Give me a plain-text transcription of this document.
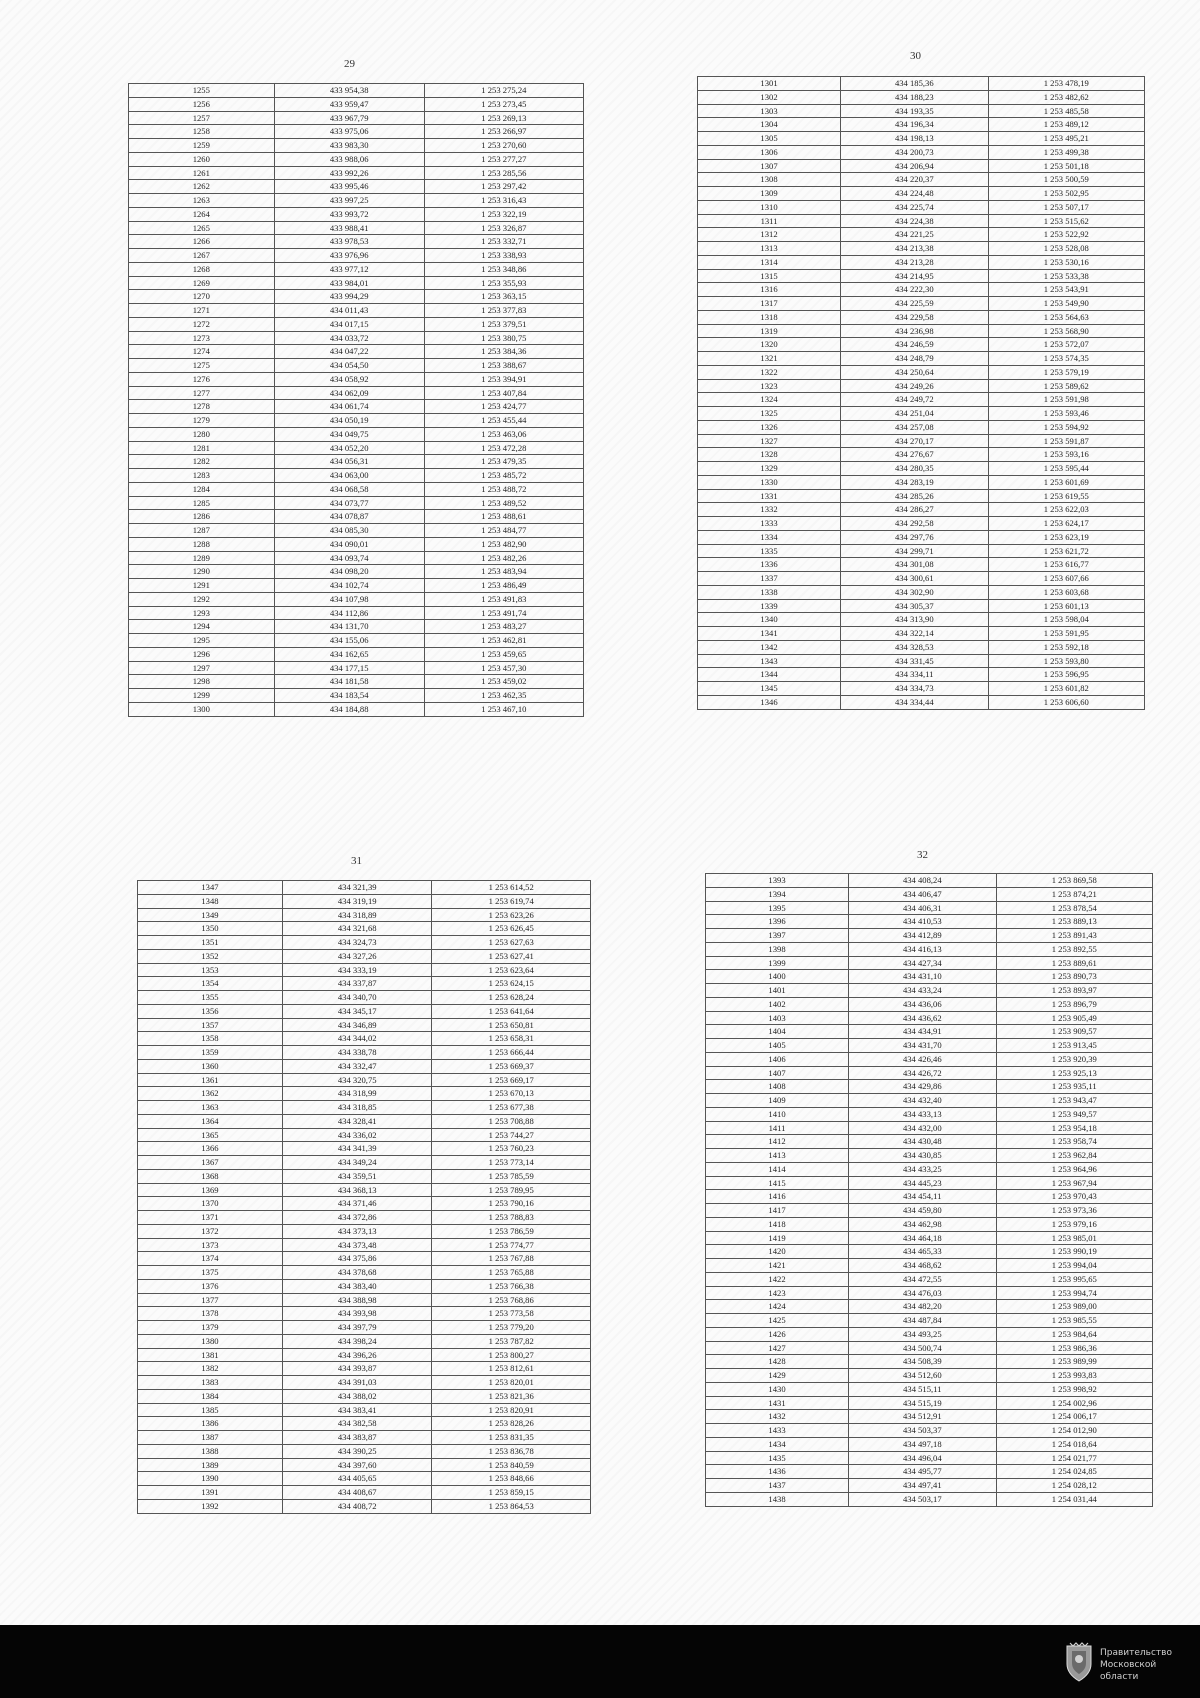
29
30
31	32
1255	433 954,38	1 253 275,24
1256	433 959,47	1 253 273,45
1257	433 967,79	1 253 269,13
1258	433 975,06	1 253 266,97
1259	433 983,30	1 253 270,60
1260	433 988,06	1 253 277,27
1261	433 992,26	1 253 285,56
1262	433 995,46	1 253 297,42
1263	433 997,25	1 253 316,43
1264	433 993,72	1 253 322,19
1265	433 988,41	1 253 326,87
1266	433 978,53	1 253 332,71
1267	433 976,96	1 253 338,93
1268	433 977,12	1 253 348,86
1269	433 984,01	1 253 355,93
1270	433 994,29	1 253 363,15
1271	434 011,43	1 253 377,83
1272	434 017,15	1 253 379,51
1273	434 033,72	1 253 380,75
1274	434 047,22	1 253 384,36
1275	434 054,50	1 253 388,67
1276	434 058,92	1 253 394,91
1277	434 062,09	1 253 407,84
1278	434 061,74	1 253 424,77
1279	434 050,19	1 253 455,44
1280	434 049,75	1 253 463,06
1281	434 052,20	1 253 472,28
1282	434 056,31	1 253 479,35
1283	434 063,00	1 253 485,72
1284	434 068,58	1 253 488,72
1285	434 073,77	1 253 489,52
1286	434 078,87	1 253 488,61
1287	434 085,30	1 253 484,77
1288	434 090,01	1 253 482,90
1289	434 093,74	1 253 482,26
1290	434 098,20	1 253 483,94
1291	434 102,74	1 253 486,49
1292	434 107,98	1 253 491,83
1293	434 112,86	1 253 491,74
1294	434 131,70	1 253 483,27
1295	434 155,06	1 253 462,81
1296	434 162,65	1 253 459,65
1297	434 177,15	1 253 457,30
1298	434 181,58	1 253 459,02
1299	434 183,54	1 253 462,35
1300	434 184,88	1 253 467,10
1301	434 185,36	1 253 478,19
1302	434 188,23	1 253 482,62
1303	434 193,35	1 253 485,58
1304	434 196,34	1 253 489,12
1305	434 198,13	1 253 495,21
1306	434 200,73	1 253 499,38
1307	434 206,94	1 253 501,18
1308	434 220,37	1 253 500,59
1309	434 224,48	1 253 502,95
1310	434 225,74	1 253 507,17
1311	434 224,38	1 253 515,62
1312	434 221,25	1 253 522,92
1313	434 213,38	1 253 528,08
1314	434 213,28	1 253 530,16
1315	434 214,95	1 253 533,38
1316	434 222,30	1 253 543,91
1317	434 225,59	1 253 549,90
1318	434 229,58	1 253 564,63
1319	434 236,98	1 253 568,90
1320	434 246,59	1 253 572,07
1321	434 248,79	1 253 574,35
1322	434 250,64	1 253 579,19
1323	434 249,26	1 253 589,62
1324	434 249,72	1 253 591,98
1325	434 251,04	1 253 593,46
1326	434 257,08	1 253 594,92
1327	434 270,17	1 253 591,87
1328	434 276,67	1 253 593,16
1329	434 280,35	1 253 595,44
1330	434 283,19	1 253 601,69
1331	434 285,26	1 253 619,55
1332	434 286,27	1 253 622,03
1333	434 292,58	1 253 624,17
1334	434 297,76	1 253 623,19
1335	434 299,71	1 253 621,72
1336	434 301,08	1 253 616,77
1337	434 300,61	1 253 607,66
1338	434 302,90	1 253 603,68
1339	434 305,37	1 253 601,13
1340	434 313,90	1 253 598,04
1341	434 322,14	1 253 591,95
1342	434 328,53	1 253 592,18
1343	434 331,45	1 253 593,80
1344	434 334,11	1 253 596,95
1345	434 334,73	1 253 601,82
1346	434 334,44	1 253 606,60
1347	434 321,39	1 253 614,52
1348	434 319,19	1 253 619,74
1349	434 318,89	1 253 623,26
1350	434 321,68	1 253 626,45
1351	434 324,73	1 253 627,63
1352	434 327,26	1 253 627,41
1353	434 333,19	1 253 623,64
1354	434 337,87	1 253 624,15
1355	434 340,70	1 253 628,24
1356	434 345,17	1 253 641,64
1357	434 346,89	1 253 650,81
1358	434 344,02	1 253 658,31
1359	434 338,78	1 253 666,44
1360	434 332,47	1 253 669,37
1361	434 320,75	1 253 669,17
1362	434 318,99	1 253 670,13
1363	434 318,85	1 253 677,38
1364	434 328,41	1 253 708,88
1365	434 336,02	1 253 744,27
1366	434 341,39	1 253 760,23
1367	434 349,24	1 253 773,14
1368	434 359,51	1 253 785,59
1369	434 368,13	1 253 789,95
1370	434 371,46	1 253 790,16
1371	434 372,86	1 253 788,83
1372	434 373,13	1 253 786,59
1373	434 373,48	1 253 774,77
1374	434 375,86	1 253 767,88
1375	434 378,68	1 253 765,88
1376	434 383,40	1 253 766,38
1377	434 388,98	1 253 768,86
1378	434 393,98	1 253 773,58
1379	434 397,79	1 253 779,20
1380	434 398,24	1 253 787,82
1381	434 396,26	1 253 800,27
1382	434 393,87	1 253 812,61
1383	434 391,03	1 253 820,01
1384	434 388,02	1 253 821,36
1385	434 383,41	1 253 820,91
1386	434 382,58	1 253 828,26
1387	434 383,87	1 253 831,35
1388	434 390,25	1 253 836,78
1389	434 397,60	1 253 840,59
1390	434 405,65	1 253 848,66
1391	434 408,67	1 253 859,15
1392	434 408,72	1 253 864,53
1393	434 408,24	1 253 869,58
1394	434 406,47	1 253 874,21
1395	434 406,31	1 253 878,54
1396	434 410,53	1 253 889,13
1397	434 412,89	1 253 891,43
1398	434 416,13	1 253 892,55
1399	434 427,34	1 253 889,61
1400	434 431,10	1 253 890,73
1401	434 433,24	1 253 893,97
1402	434 436,06	1 253 896,79
1403	434 436,62	1 253 905,49
1404	434 434,91	1 253 909,57
1405	434 431,70	1 253 913,45
1406	434 426,46	1 253 920,39
1407	434 426,72	1 253 925,13
1408	434 429,86	1 253 935,11
1409	434 432,40	1 253 943,47
1410	434 433,13	1 253 949,57
1411	434 432,00	1 253 954,18
1412	434 430,48	1 253 958,74
1413	434 430,85	1 253 962,84
1414	434 433,25	1 253 964,96
1415	434 445,23	1 253 967,94
1416	434 454,11	1 253 970,43
1417	434 459,80	1 253 973,36
1418	434 462,98	1 253 979,16
1419	434 464,18	1 253 985,01
1420	434 465,33	1 253 990,19
1421	434 468,62	1 253 994,04
1422	434 472,55	1 253 995,65
1423	434 476,03	1 253 994,74
1424	434 482,20	1 253 989,00
1425	434 487,84	1 253 985,55
1426	434 493,25	1 253 984,64
1427	434 500,74	1 253 986,36
1428	434 508,39	1 253 989,99
1429	434 512,60	1 253 993,83
1430	434 515,11	1 253 998,92
1431	434 515,19	1 254 002,96
1432	434 512,91	1 254 006,17
1433	434 503,37	1 254 012,90
1434	434 497,18	1 254 018,64
1435	434 496,04	1 254 021,77
1436	434 495,77	1 254 024,85
1437	434 497,41	1 254 028,12
1438	434 503,17	1 254 031,44
Правительство
Москoвской области
